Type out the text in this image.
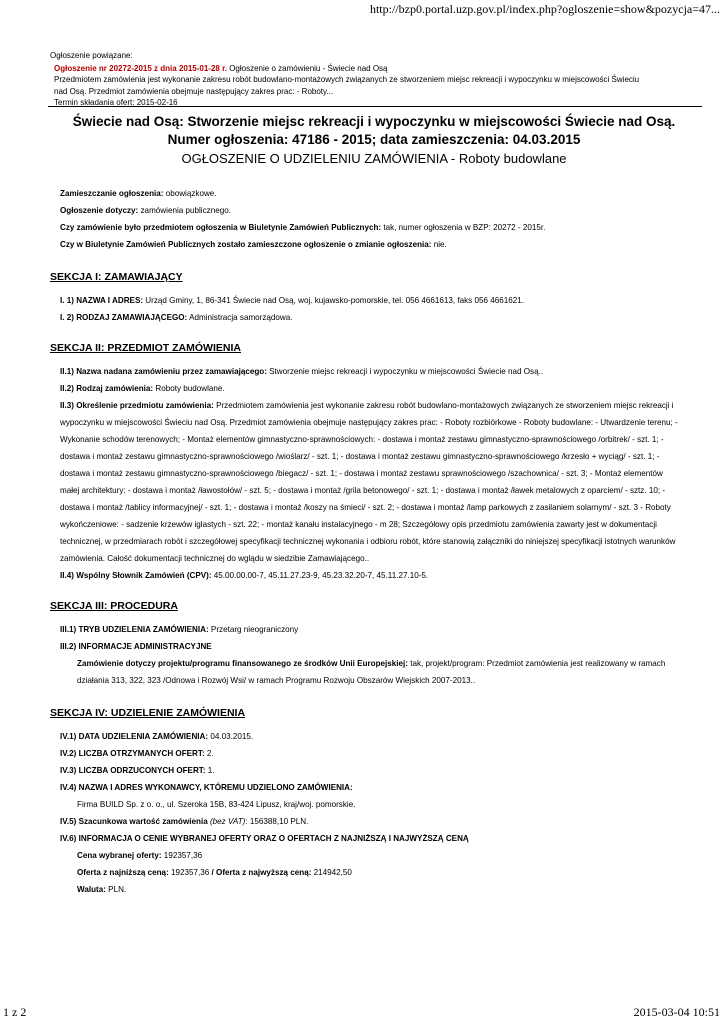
http://bzp0.portal.uzp.gov.pl/index.php?ogloszenie=show&pozycja=47...
Ogłoszenie powiązane:
Ogłoszenie nr 20272-2015 z dnia 2015-01-28 r. Ogłoszenie o zamówieniu - Świecie nad Osą
Przedmiotem zamówienia jest wykonanie zakresu robót budowlano-montażowych związanych ze stworzeniem miejsc rekreacji i wypoczynku w miejscowości Świeciu
nad Osą. Przedmiot zamówienia obejmuje następujący zakres prac: - Roboty...
Termin składania ofert: 2015-02-16
Świecie nad Osą: Stworzenie miejsc rekreacji i wypoczynku w miejscowości Świecie nad Osą.
Numer ogłoszenia: 47186 - 2015; data zamieszczenia: 04.03.2015
OGŁOSZENIE O UDZIELENIU ZAMÓWIENIA - Roboty budowlane

Zamieszczanie ogłoszenia: obowiązkowe.

Ogłoszenie dotyczy: zamówienia publicznego.

Czy zamówienie było przedmiotem ogłoszenia w Biuletynie Zamówień Publicznych: tak, numer ogłoszenia w BZP: 20272 - 2015r.

Czy w Biuletynie Zamówień Publicznych zostało zamieszczone ogłoszenie o zmianie ogłoszenia: nie.

SEKCJA I: ZAMAWIAJĄCY

I. 1) NAZWA I ADRES: Urząd Gminy, 1, 86-341 Świecie nad Osą, woj. kujawsko-pomorskie, tel. 056 4661613, faks 056 4661621.

I. 2) RODZAJ ZAMAWIAJĄCEGO: Administracja samorządowa.

SEKCJA II: PRZEDMIOT ZAMÓWIENIA

II.1) Nazwa nadana zamówieniu przez zamawiającego: Stworzenie miejsc rekreacji i wypoczynku w miejscowości Świecie nad Osą..

II.2) Rodzaj zamówienia: Roboty budowlane.

II.3) Określenie przedmiotu zamówienia: Przedmiotem zamówienia jest wykonanie zakresu robót budowlano-montażowych związanych ze stworzeniem miejsc rekreacji i wypoczynku w miejscowości Świeciu nad Osą. Przedmiot zamówienia obejmuje następujący zakres prac: - Roboty rozbiórkowe - Roboty budowlane: - Utwardzenie terenu; - Wykonanie schodów terenowych; - Montaż elementów gimnastyczno-sprawnościowych: - dostawa i montaż zestawu gimnastyczno-sprawnościowego /orbitrek/ - szt. 1; - dostawa i montaż zestawu gimnastyczno-sprawnościowego /wioślarz/ - szt. 1; - dostawa i montaż zestawu gimnastyczno-sprawnościowego /krzesło + wyciąg/ - szt. 1; - dostawa i montaż zestawu gimnastyczno-sprawnościowego /biegacz/ - szt. 1; - dostawa i montaż zestawu sprawnościowego /szachownica/ - szt. 3; - Montaż elementów małej architektury: - dostawa i montaż /ławostołów/ - szt. 5; - dostawa i montaż /grila betonowego/ - szt. 1; - dostawa i montaż /ławek metalowych z oparciem/ - sztz. 10; - dostawa i montaż /tablicy informacyjnej/ - szt. 1; - dostawa i montaż /koszy na śmieci/ - szt. 2; - dostawa i montaż /lamp parkowych z zasilaniem solarnym/ - szt. 3 - Roboty wykończeniowe: - sadzenie krzewów iglastych - szt. 22; - montaż kanału instalacyjnego - m 28; Szczegółowy opis przedmiotu zamówienia zawarty jest w dokumentacji technicznej, w przedmiarach robót i szczegółowej specyfikacji technicznej wykonania i odbioru robót, które stanowią załączniki do niniejszej specyfikacji istotnych warunków zamówienia. Całość dokumentacji technicznej do wglądu w siedzibie Zamawiającego..

II.4) Wspólny Słownik Zamówień (CPV): 45.00.00.00-7, 45.11.27.23-9, 45.23.32.20-7, 45.11.27.10-5.

SEKCJA III: PROCEDURA

III.1) TRYB UDZIELENIA ZAMÓWIENIA: Przetarg nieograniczony

III.2) INFORMACJE ADMINISTRACYJNE

Zamówienie dotyczy projektu/programu finansowanego ze środków Unii Europejskiej: tak, projekt/program: Przedmiot zamówienia jest realizowany w ramach działania 313, 322, 323 /Odnowa i Rozwój Wsi/ w ramach Programu Rozwoju Obszarów Wiejskich 2007-2013..

SEKCJA IV: UDZIELENIE ZAMÓWIENIA

IV.1) DATA UDZIELENIA ZAMÓWIENIA: 04.03.2015.

IV.2) LICZBA OTRZYMANYCH OFERT: 2.

IV.3) LICZBA ODRZUCONYCH OFERT: 1.

IV.4) NAZWA I ADRES WYKONAWCY, KTÓREMU UDZIELONO ZAMÓWIENIA:

Firma BUILD Sp. z o. o., ul. Szeroka 15B, 83-424 Lipusz, kraj/woj. pomorskie.

IV.5) Szacunkowa wartość zamówienia (bez VAT): 156388,10 PLN.

IV.6) INFORMACJA O CENIE WYBRANEJ OFERTY ORAZ O OFERTACH Z NAJNIŻSZĄ I NAJWYŻSZĄ CENĄ

Cena wybranej oferty: 192357,36

Oferta z najniższą ceną: 192357,36 / Oferta z najwyższą ceną: 214942,50

Waluta: PLN.

1 z 2	2015-03-04 10:51
